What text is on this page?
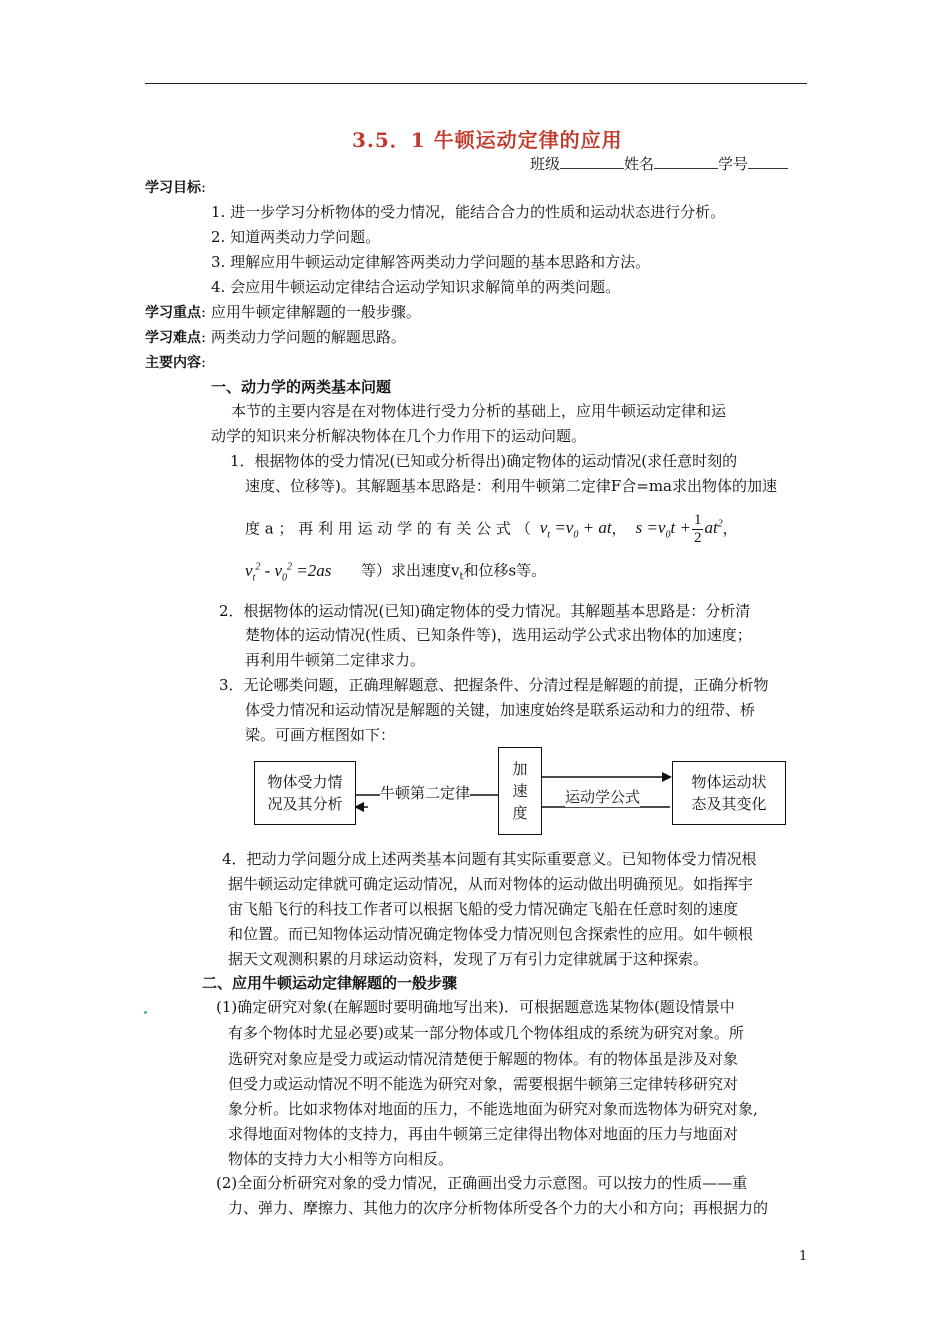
3.5．1 牛顿运动定律的应用
班级	姓名	学号
学习目标:
1. 进一步学习分析物体的受力情况，能结合合力的性质和运动状态进行分析。
2. 知道两类动力学问题。
3. 理解应用牛顿运动定律解答两类动力学问题的基本思路和方法。
4. 会应用牛顿运动定律结合运动学知识求解简单的两类问题。
学习重点: 应用牛顿定律解题的一般步骤。
学习难点: 两类动力学问题的解题思路。
主要内容:
一、动力学的两类基本问题
本节的主要内容是在对物体进行受力分析的基础上，应用牛顿运动定律和运
动学的知识来分析解决物体在几个力作用下的运动问题。
1．根据物体的受力情况(已知或分析得出)确定物体的运动情况(求任意时刻的
速度、位移等)。其解题基本思路是：利用牛顿第二定律F合=ma求出物体的加速
度 a ； 再 利 用 运 动 学 的 有 关 公 式 （  $v_t =v_0$ + at，  $s =v_0t + \frac{1}{2} at^2$，
$v_t^2 - v_0^2 =2as$ 等）求出速度$v_t$和位移s等。
2．根据物体的运动情况(已知)确定物体的受力情况。其解题基本思路是：分析清
楚物体的运动情况(性质、已知条件等)，选用运动学公式求出物体的加速度；
再利用牛顿第二定律求力。
3．无论哪类问题，正确理解题意、把握条件、分清过程是解题的前提，正确分析物
体受力情况和运动情况是解题的关键，加速度始终是联系运动和力的纽带、桥
梁。可画方框图如下：
物体受力情
况及其分析
加
速
度
物体运动状
态及其变化
牛顿第二定律	运动学公式
4．把动力学问题分成上述两类基本问题有其实际重要意义。已知物体受力情况根
据牛顿运动定律就可确定运动情况，从而对物体的运动做出明确预见。如指挥宇
宙飞船飞行的科技工作者可以根据飞船的受力情况确定飞船在任意时刻的速度
和位置。而已知物体运动情况确定物体受力情况则包含探索性的应用。如牛顿根
据天文观测积累的月球运动资料，发现了万有引力定律就属于这种探索。
二、应用牛顿运动定律解题的一般步骤
(1)确定研究对象(在解题时要明确地写出来)．可根据题意选某物体(题设情景中
有多个物体时尤显必要)或某一部分物体或几个物体组成的系统为研究对象。所
选研究对象应是受力或运动情况清楚便于解题的物体。有的物体虽是涉及对象
但受力或运动情况不明不能选为研究对象，需要根据牛顿第三定律转移研究对
象分析。比如求物体对地面的压力，不能选地面为研究对象而选物体为研究对象,
求得地面对物体的支持力，再由牛顿第三定律得出物体对地面的压力与地面对
物体的支持力大小相等方向相反。
(2)全面分析研究对象的受力情况，正确画出受力示意图。可以按力的性质——重
力、弹力、摩擦力、其他力的次序分析物体所受各个力的大小和方向；再根据力的
1
